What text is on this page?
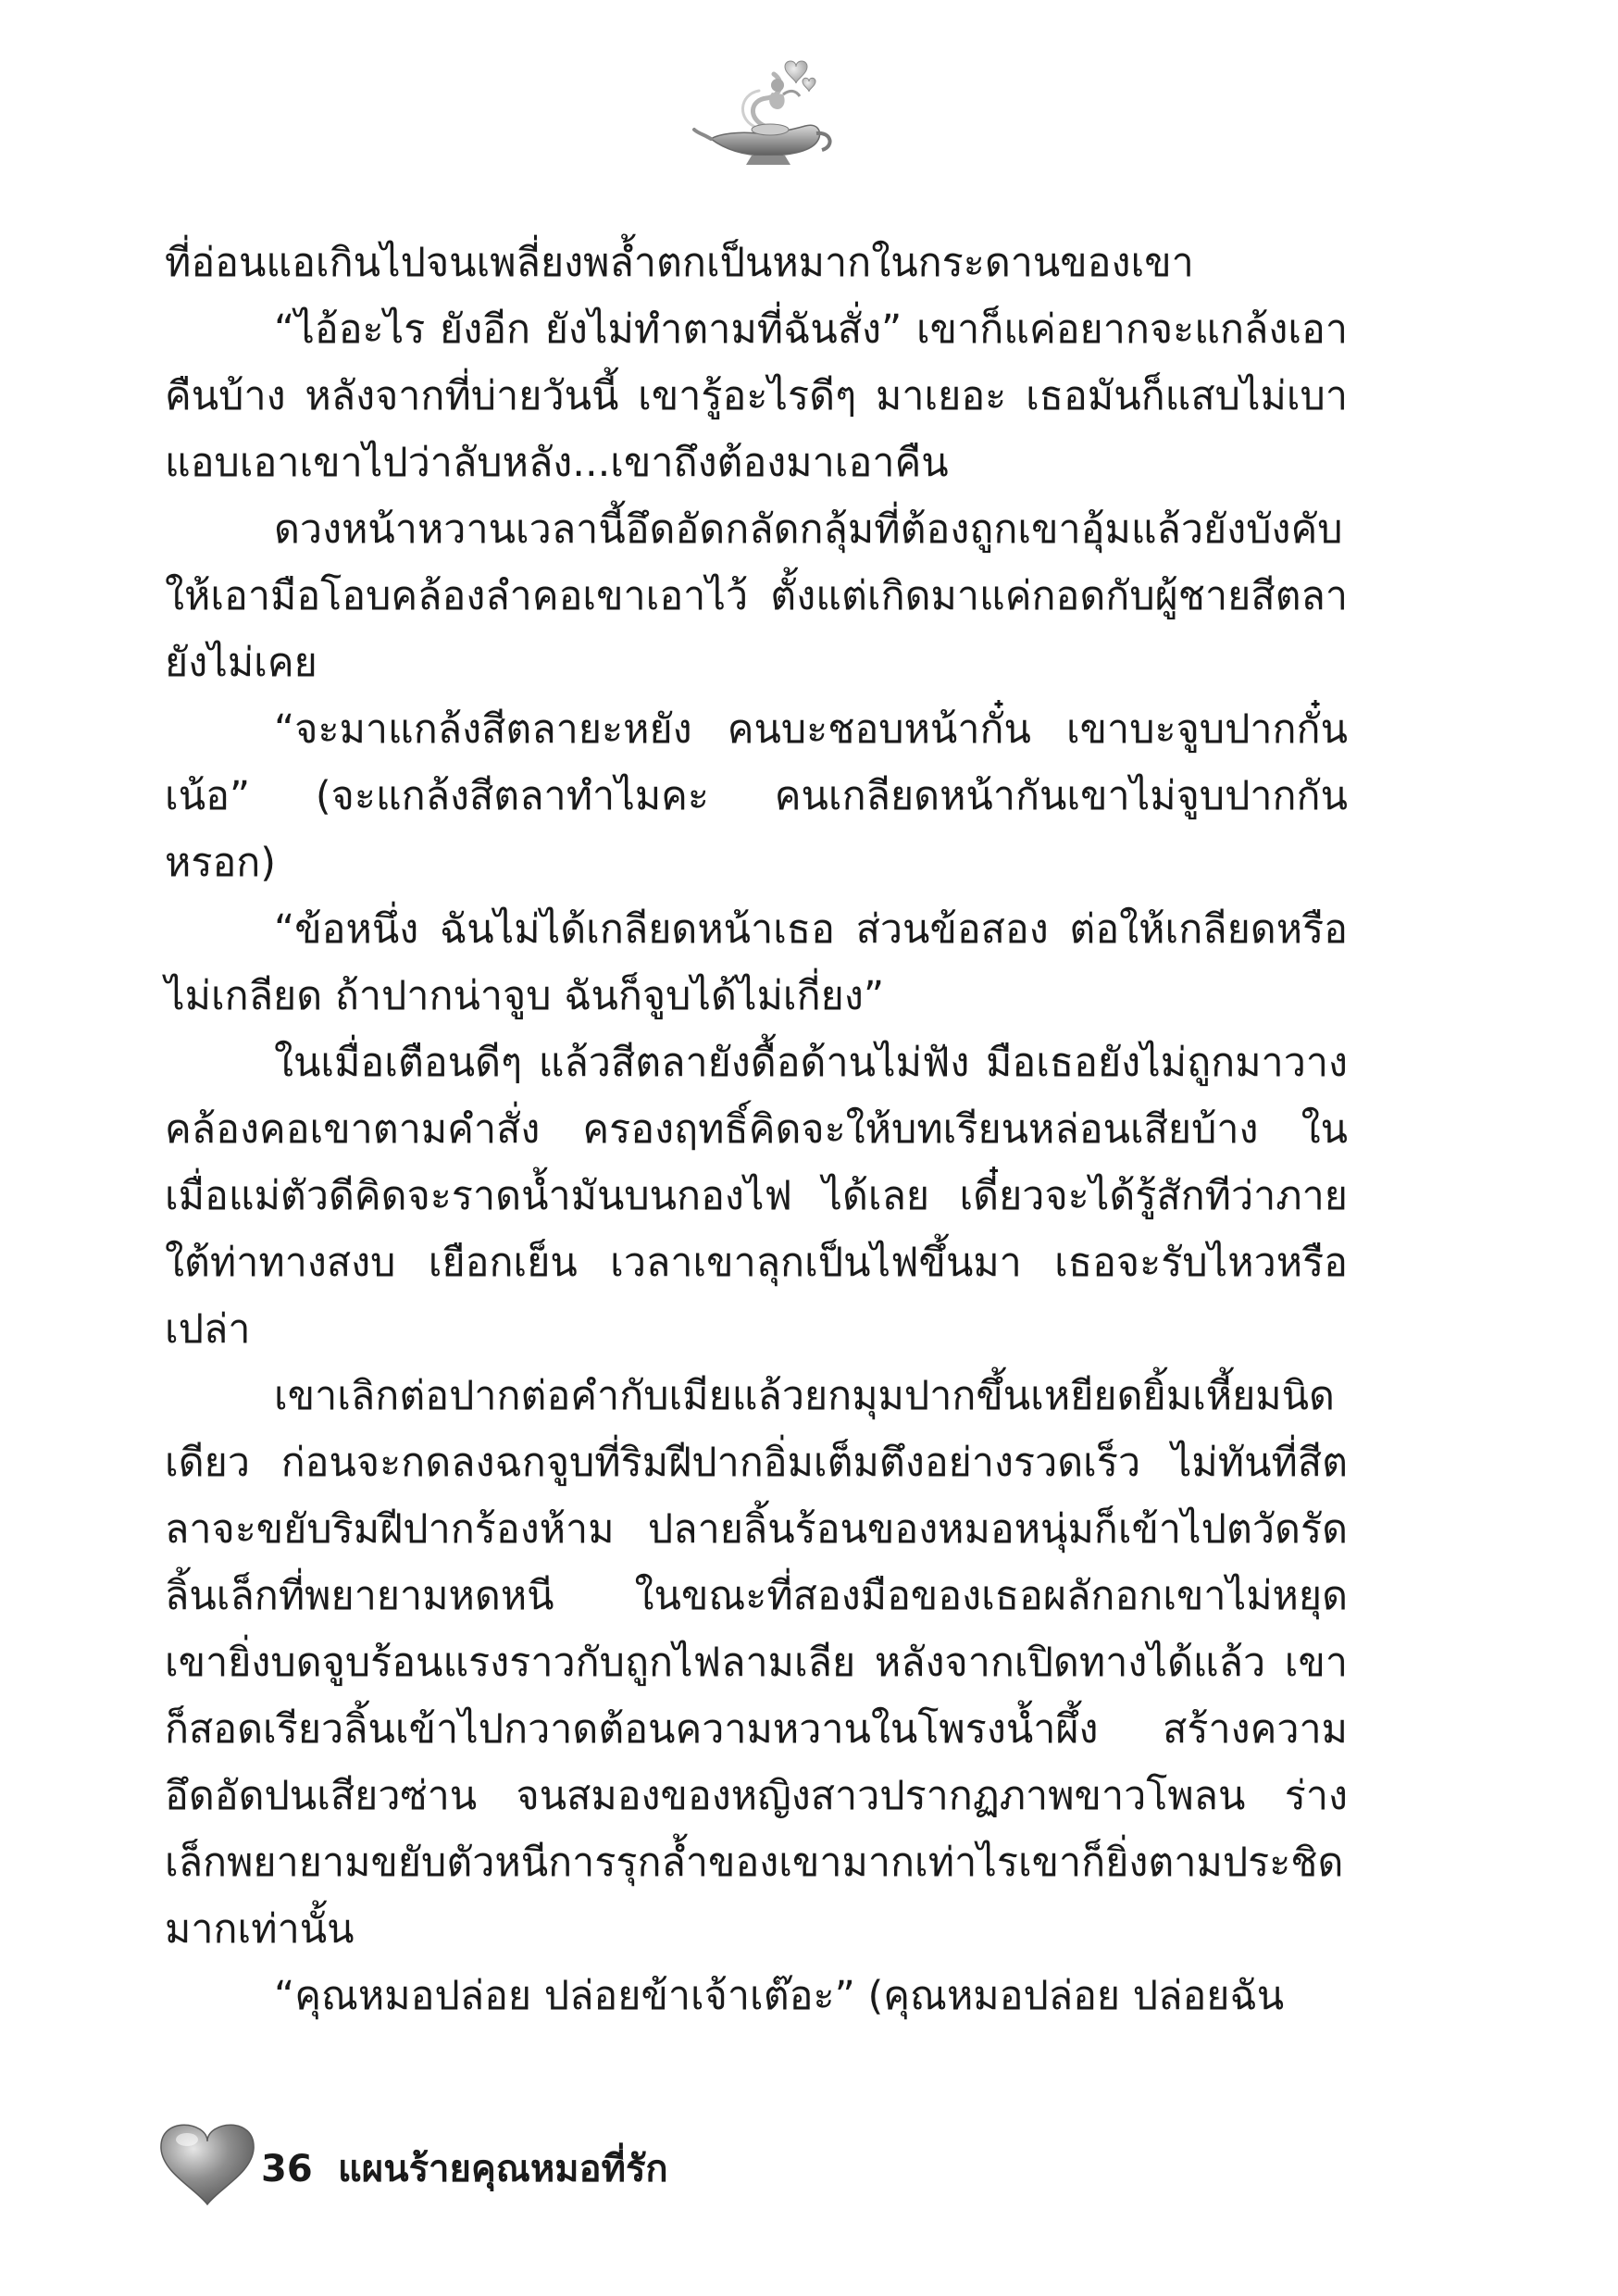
ที่อ่อนแอเกินไปจนเพลี่ยงพล้ำตกเป็นหมากในกระดานของเขา

“ไอ้อะไร ยังอีก ยังไม่ทำตามที่ฉันสั่ง” เขาก็แค่อยากจะแกล้งเอาคืนบ้าง หลังจากที่บ่ายวันนี้ เขารู้อะไรดีๆ มาเยอะ เธอมันก็แสบไม่เบา แอบเอาเขาไปว่าลับหลัง...เขาถึงต้องมาเอาคืน

ดวงหน้าหวานเวลานี้อึดอัดกลัดกลุ้มที่ต้องถูกเขาอุ้มแล้วยังบังคับให้เอามือโอบคล้องลำคอเขาเอาไว้ ตั้งแต่เกิดมาแค่กอดกับผู้ชายสีตลายังไม่เคย

“จะมาแกล้งสีตลายะหยัง คนบะชอบหน้ากั๋น เขาบะจูบปากกั๋นเน้อ” (จะแกล้งสีตลาทำไมคะ คนเกลียดหน้ากันเขาไม่จูบปากกันหรอก)

“ข้อหนึ่ง ฉันไม่ได้เกลียดหน้าเธอ ส่วนข้อสอง ต่อให้เกลียดหรือไม่เกลียด ถ้าปากน่าจูบ ฉันก็จูบได้ไม่เกี่ยง”

ในเมื่อเตือนดีๆ แล้วสีตลายังดื้อด้านไม่ฟัง มือเธอยังไม่ถูกมาวางคล้องคอเขาตามคำสั่ง ครองฤทธิ์คิดจะให้บทเรียนหล่อนเสียบ้าง ในเมื่อแม่ตัวดีคิดจะราดน้ำมันบนกองไฟ ได้เลย เดี๋ยวจะได้รู้สักทีว่าภายใต้ท่าทางสงบ เยือกเย็น เวลาเขาลุกเป็นไฟขึ้นมา เธอจะรับไหวหรือเปล่า

เขาเลิกต่อปากต่อคำกับเมียแล้วยกมุมปากขึ้นเหยียดยิ้มเหี้ยมนิดเดียว ก่อนจะกดลงฉกจูบที่ริมฝีปากอิ่มเต็มตึงอย่างรวดเร็ว ไม่ทันที่สีตลาจะขยับริมฝีปากร้องห้าม ปลายลิ้นร้อนของหมอหนุ่มก็เข้าไปตวัดรัดลิ้นเล็กที่พยายามหดหนี ในขณะที่สองมือของเธอผลักอกเขาไม่หยุด เขายิ่งบดจูบร้อนแรงราวกับถูกไฟลามเลีย หลังจากเปิดทางได้แล้ว เขาก็สอดเรียวลิ้นเข้าไปกวาดต้อนความหวานในโพรงน้ำผึ้ง สร้างความอึดอัดปนเสียวซ่าน จนสมองของหญิงสาวปรากฏภาพขาวโพลน ร่างเล็กพยายามขยับตัวหนีการรุกล้ำของเขามากเท่าไรเขาก็ยิ่งตามประชิดมากเท่านั้น

“คุณหมอปล่อย ปล่อยข้าเจ้าเต๊อะ” (คุณหมอปล่อย ปล่อยฉัน

36 แผนร้ายคุณหมอที่รัก
